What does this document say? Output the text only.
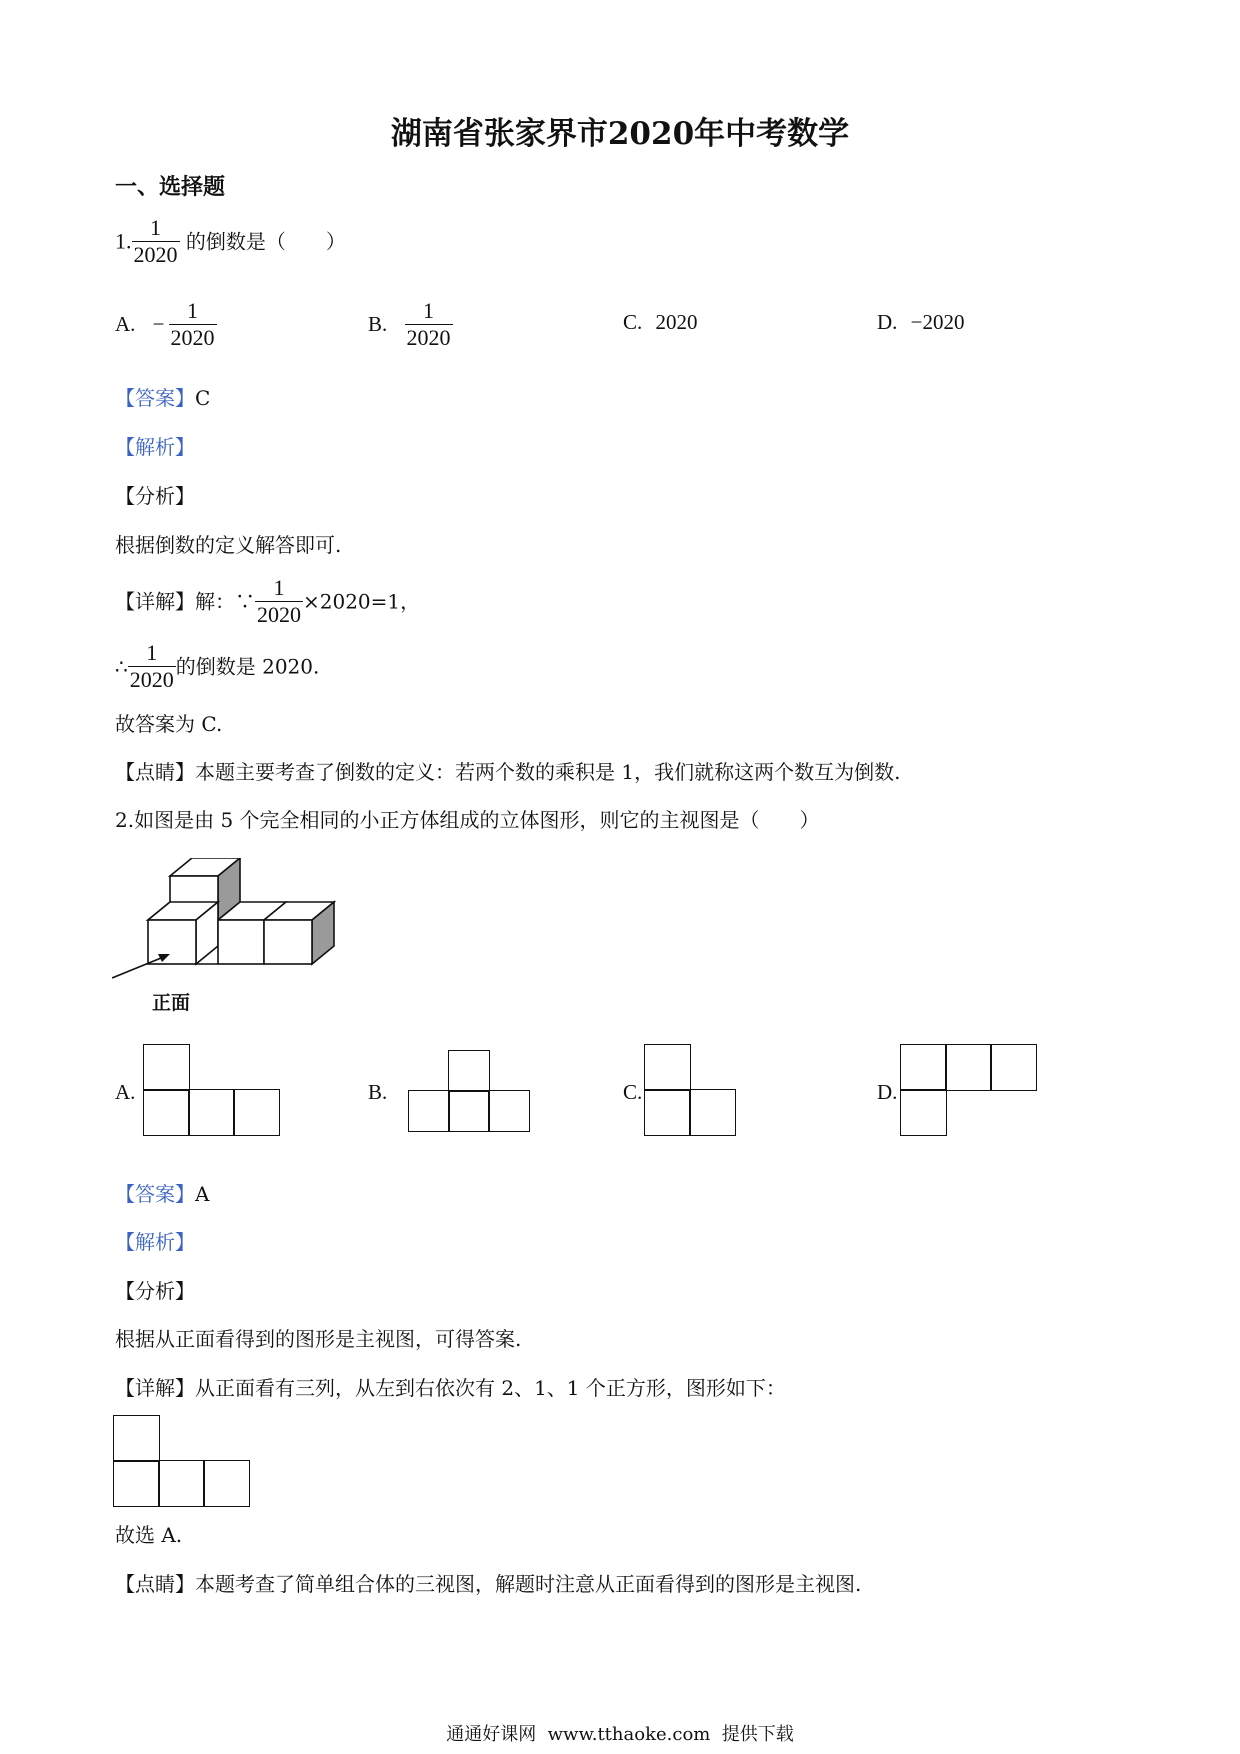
湖南省张家界市2020年中考数学
一、选择题
1. $\frac{1}{2020}$ 的倒数是（　　）
A. − $\frac{1}{2020}$	B. $\frac{1}{2020}$	C. 2020	D. −2020
【答案】C
【解析】
【分析】
根据倒数的定义解答即可.
【详解】解：∵ $\frac{1}{2020} \times 2020=1$，
∴ $\frac{1}{2020}$ 的倒数是 2020.
故答案为 C.
【点睛】本题主要考查了倒数的定义：若两个数的乘积是 1，我们就称这两个数互为倒数.
2.如图是由 5 个完全相同的小正方体组成的立体图形，则它的主视图是（　　）
正面
A.	B.	C.	D.
【答案】A
【解析】
【分析】
根据从正面看得到的图形是主视图，可得答案.
【详解】从正面看有三列，从左到右依次有 2、1、1 个正方形，图形如下：
故选 A.
【点睛】本题考查了简单组合体的三视图，解题时注意从正面看得到的图形是主视图.
通通好课网  www.tthaoke.com  提供下载
